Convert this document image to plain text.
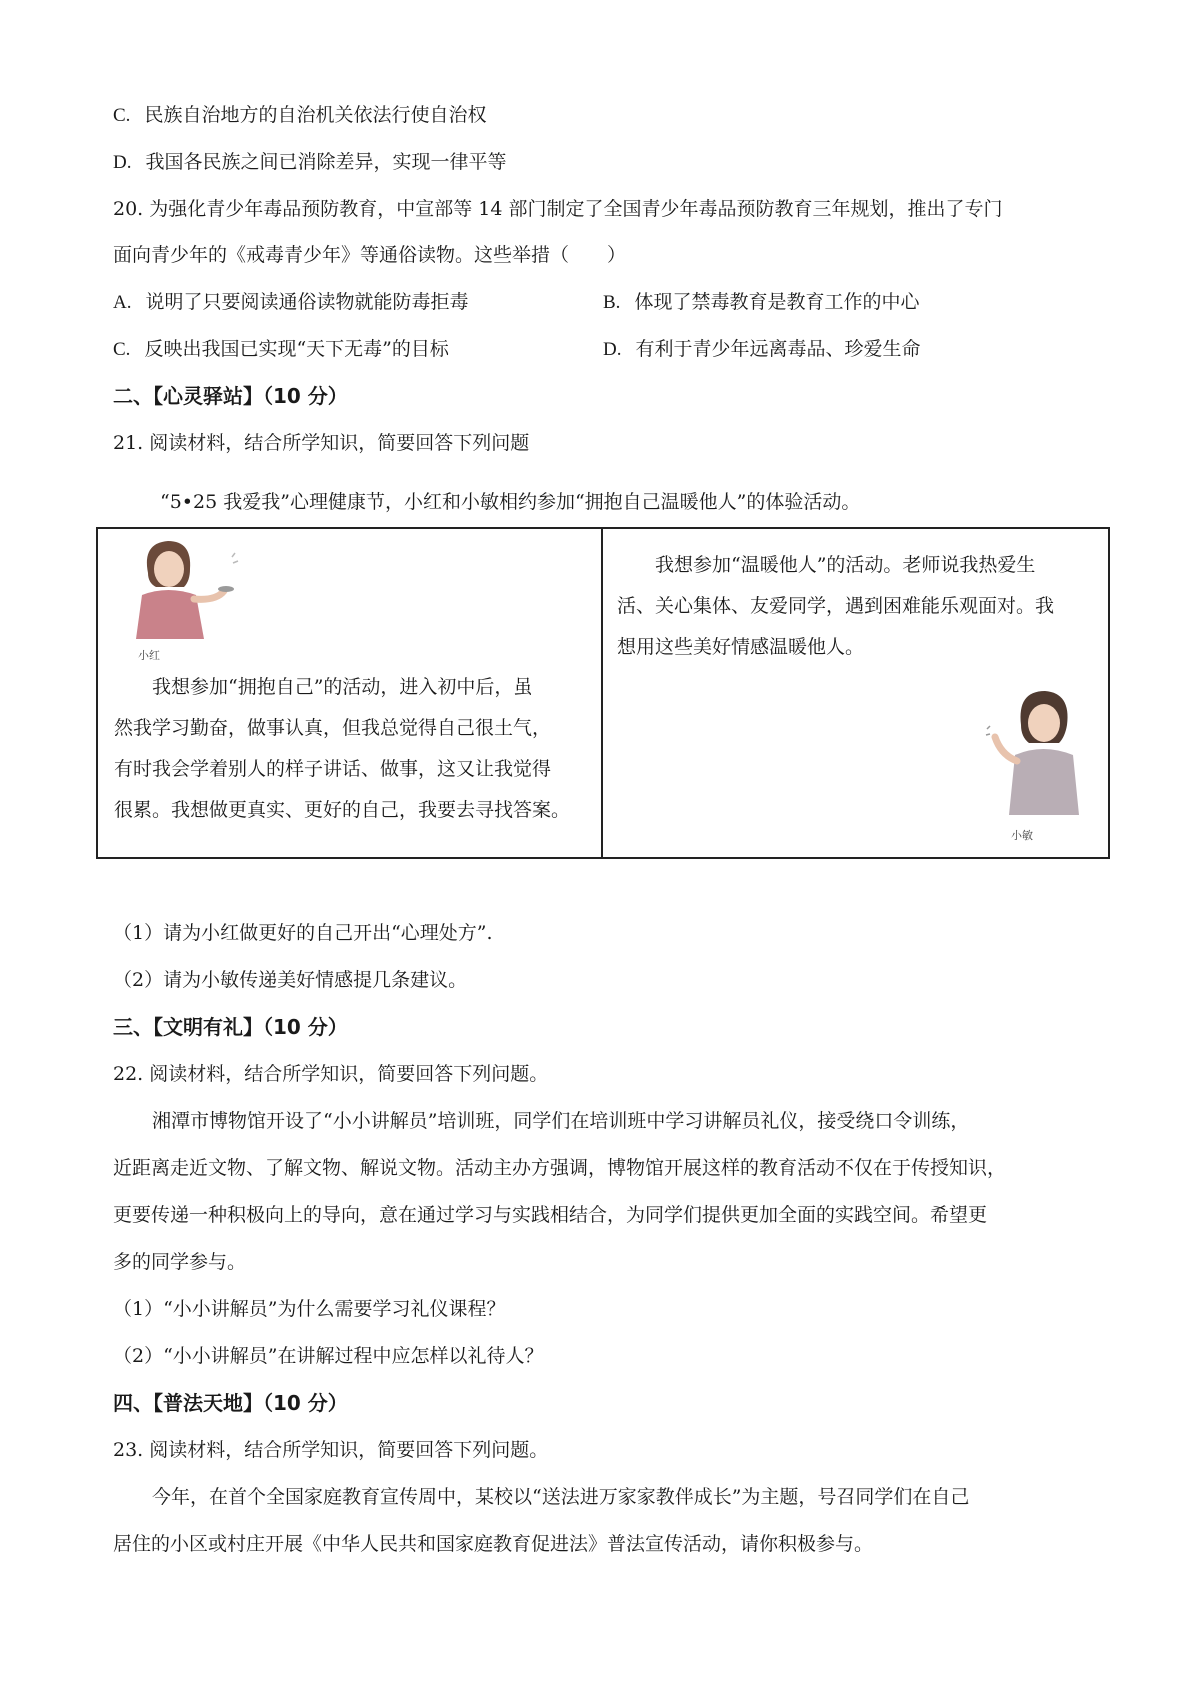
C. 民族自治地方的自治机关依法行使自治权
D. 我国各民族之间已消除差异，实现一律平等
20. 为强化青少年毒品预防教育，中宣部等 14 部门制定了全国青少年毒品预防教育三年规划，推出了专门
面向青少年的《戒毒青少年》等通俗读物。这些举措（　　）
A. 说明了只要阅读通俗读物就能防毒拒毒	B. 体现了禁毒教育是教育工作的中心
C. 反映出我国已实现“天下无毒”的目标	D. 有利于青少年远离毒品、珍爱生命
二、【心灵驿站】（10 分）
21. 阅读材料，结合所学知识，简要回答下列问题
“5•25 我爱我”心理健康节，小红和小敏相约参加“拥抱自己温暖他人”的体验活动。
小红
我想参加“拥抱自己”的活动，进入初中后，虽
然我学习勤奋，做事认真，但我总觉得自己很土气，
有时我会学着别人的样子讲话、做事，这又让我觉得
很累。我想做更真实、更好的自己，我要去寻找答案。

我想参加“温暖他人”的活动。老师说我热爱生
活、关心集体、友爱同学，遇到困难能乐观面对。我
想用这些美好情感温暖他人。
小敏
（1）请为小红做更好的自己开出“心理处方”.
（2）请为小敏传递美好情感提几条建议。
三、【文明有礼】（10 分）
22. 阅读材料，结合所学知识，简要回答下列问题。
湘潭市博物馆开设了“小小讲解员”培训班，同学们在培训班中学习讲解员礼仪，接受绕口令训练，
近距离走近文物、了解文物、解说文物。活动主办方强调，博物馆开展这样的教育活动不仅在于传授知识，
更要传递一种积极向上的导向，意在通过学习与实践相结合，为同学们提供更加全面的实践空间。希望更
多的同学参与。
（1）“小小讲解员”为什么需要学习礼仪课程？
（2）“小小讲解员”在讲解过程中应怎样以礼待人？
四、【普法天地】（10 分）
23. 阅读材料，结合所学知识，简要回答下列问题。
今年，在首个全国家庭教育宣传周中，某校以“送法进万家家教伴成长”为主题，号召同学们在自己
居住的小区或村庄开展《中华人民共和国家庭教育促进法》普法宣传活动，请你积极参与。
